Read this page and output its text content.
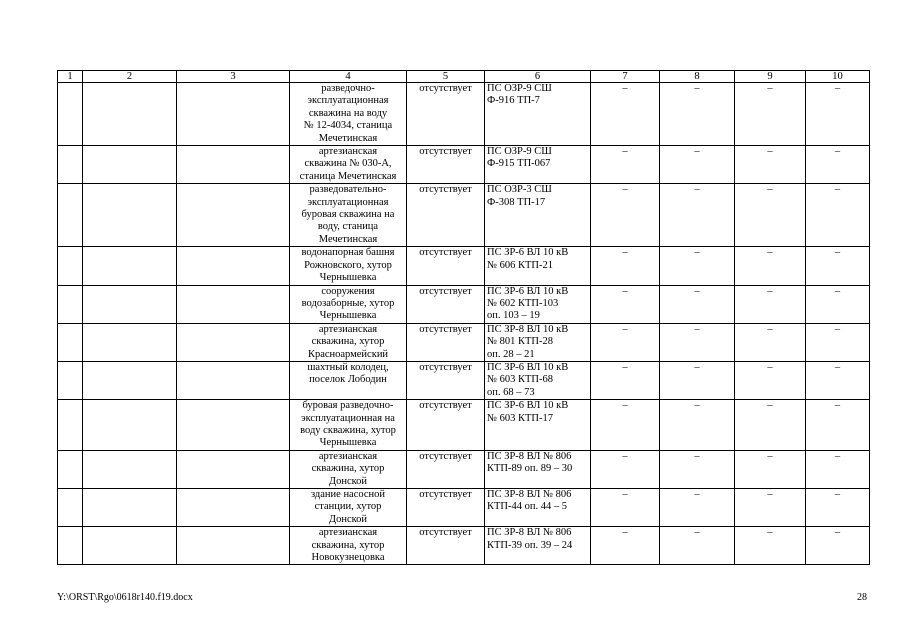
1	2	3	4	5	6	7	8	9	10

			разведочно-
эксплуатационная
скважина на воду
№ 12-4034, станица
Мечетинская	отсутствует	ПС ОЗР-9 СШ
Ф-916 ТП-7	–	–	–	–

			артезианская
скважина № 030-А,
станица Мечетинская	отсутствует	ПС ОЗР-9 СШ
Ф-915 ТП-067	–	–	–	–

			разведовательно-
эксплуатационная
буровая скважина на
воду, станица
Мечетинская	отсутствует	ПС ОЗР-3 СШ
Ф-308 ТП-17	–	–	–	–

			водонапорная башня
Рожновского, хутор
Чернышевка	отсутствует	ПС ЗР-6 ВЛ 10 кВ
№ 606 КТП-21	–	–	–	–

			сооружения
водозаборные, хутор
Чернышевка	отсутствует	ПС ЗР-6 ВЛ 10 кВ
№ 602 КТП-103
оп. 103 – 19	–	–	–	–

			артезианская
скважина, хутор
Красноармейский	отсутствует	ПС ЗР-8 ВЛ 10 кВ
№ 801 КТП-28
оп. 28 – 21	–	–	–	–

			шахтный колодец,
поселок Лободин	отсутствует	ПС ЗР-6 ВЛ 10 кВ
№ 603 КТП-68
оп. 68 – 73	–	–	–	–

			буровая разведочно-
эксплуатационная на
воду скважина, хутор
Чернышевка	отсутствует	ПС ЗР-6 ВЛ 10 кВ
№ 603 КТП-17	–	–	–	–

			артезианская
скважина, хутор
Донской	отсутствует	ПС ЗР-8 ВЛ № 806
КТП-89 оп. 89 – 30	–	–	–	–

			здание насосной
станции, хутор
Донской	отсутствует	ПС ЗР-8 ВЛ № 806
КТП-44 оп. 44 – 5	–	–	–	–

			артезианская
скважина, хутор
Новокузнецовка	отсутствует	ПС ЗР-8 ВЛ № 806
КТП-39 оп. 39 – 24	–	–	–	–
Y:\ORST\Rgo\0618r140.f19.docx	28
